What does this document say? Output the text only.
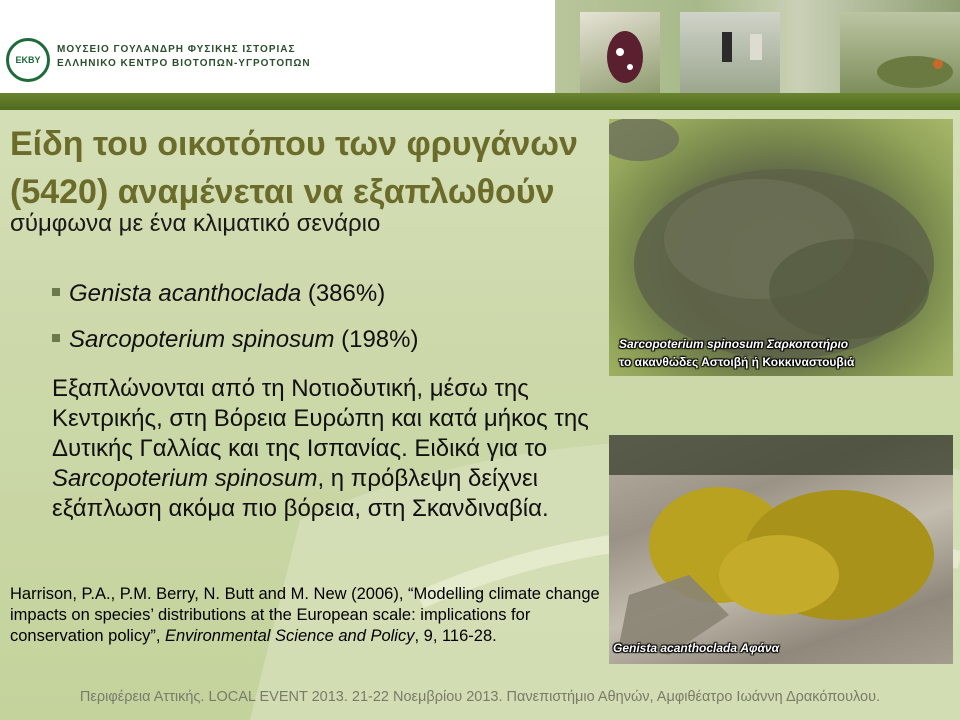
ΕΚΒΥ
ΜΟΥΣΕΙΟ ΓΟΥΛΑΝΔΡΗ ΦΥΣΙΚΗΣ ΙΣΤΟΡΙΑΣ
ΕΛΛΗΝΙΚΟ ΚΕΝΤΡΟ ΒΙΟΤΟΠΩΝ-ΥΓΡΟΤΟΠΩΝ
Είδη του οικοτόπου των φρυγάνων
(5420) αναμένεται να εξαπλωθούν
σύμφωνα με ένα κλιματικό σενάριο
Genista acanthoclada (386%)
Sarcopoterium spinosum (198%)
Εξαπλώνονται από τη Νοτιοδυτική, μέσω της Κεντρικής, στη Βόρεια Ευρώπη και κατά μήκος της Δυτικής Γαλλίας και της Ισπανίας. Ειδικά για το Sarcopoterium spinosum, η πρόβλεψη δείχνει εξάπλωση ακόμα πιο βόρεια, στη Σκανδιναβία.
Harrison, P.A., P.M. Berry, N. Butt and M. New (2006), “Modelling climate change impacts on species’ distributions at the European scale: implications for conservation policy”, Environmental Science and Policy, 9, 116-28.
Sarcopoterium spinosum Σαρκοποτήριο
το ακανθώδες Αστοιβή ή Κοκκιναστουβιά
Genista acanthoclada Αφάνα
Περιφέρεια Αττικής. LOCAL EVENT 2013. 21-22 Νοεμβρίου 2013. Πανεπιστήμιο Αθηνών, Αμφιθέατρο Ιωάννη Δρακόπουλου.
